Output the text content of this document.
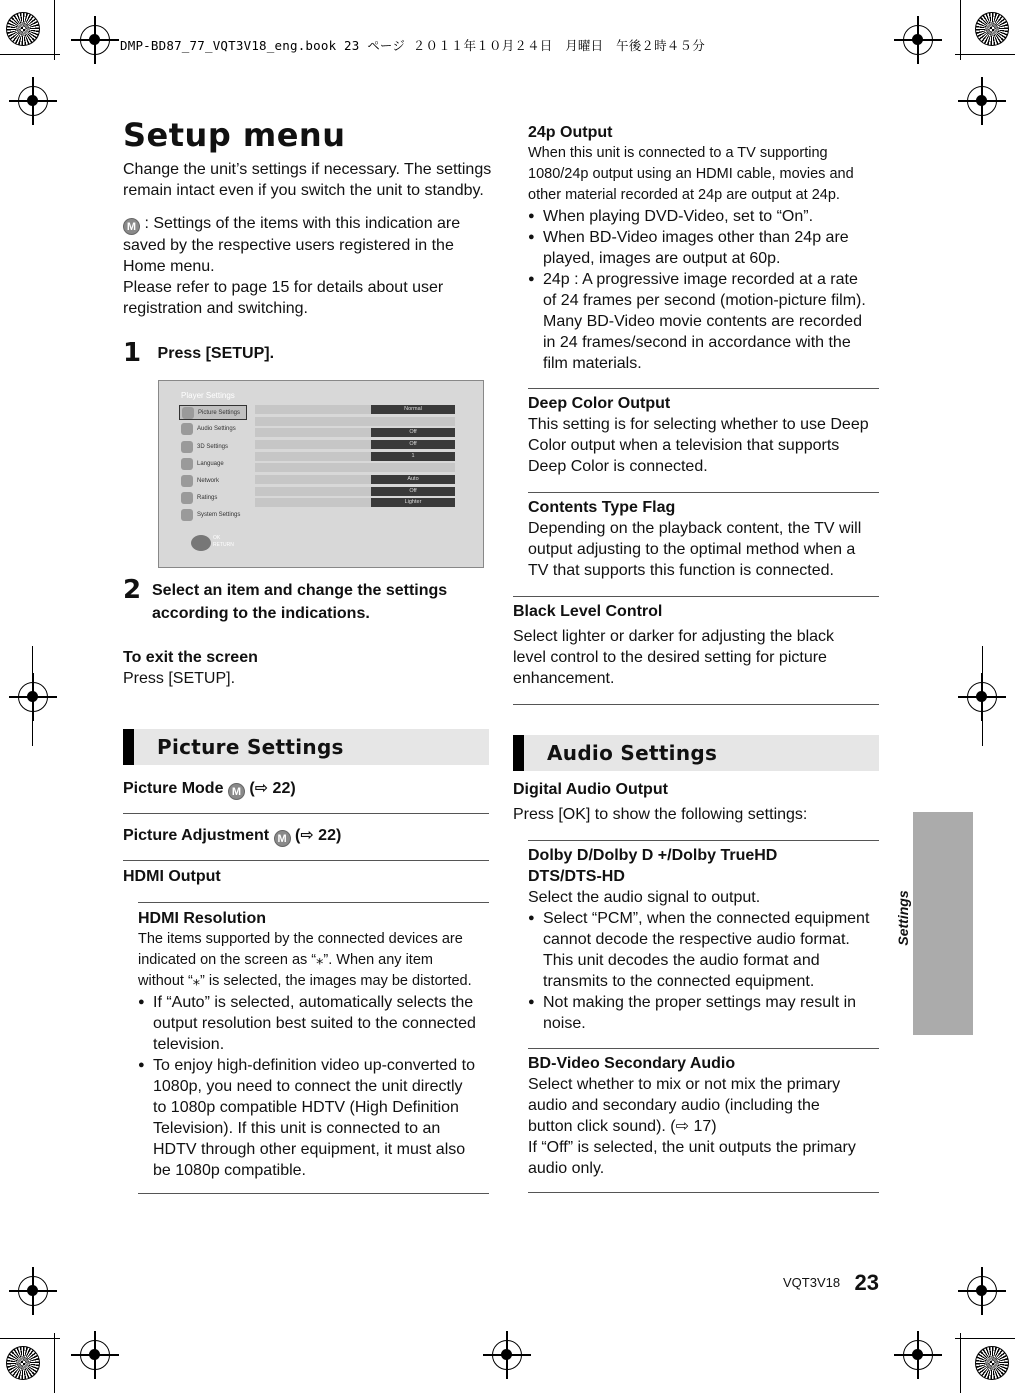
DMP-BD87_77_VQT3V18_eng.book 23 ページ ２０１１年１０月２４日　月曜日　午後２時４５分
Setup menu
Change the unit’s settings if necessary. The settings
remain intact even if you switch the unit to standby.
M : Settings of the items with this indication are
saved by the respective users registered in the
Home menu.
Please refer to page 15 for details about user
registration and switching.
1 Press [SETUP].
Player Settings
Picture Settings
Audio Settings
3D Settings
Language
Network
Ratings
System Settings
Normal
Off
Off
1
Auto
Off
Lighter
OK
RETURN
2 Select an item and change the settings
according to the indications.
To exit the screen
Press [SETUP].
Picture Settings
Picture Mode M (⇨ 22)
Picture Adjustment M (⇨ 22)
HDMI Output
HDMI Resolution
The items supported by the connected devices are
indicated on the screen as “⁎”. When any item
without “⁎” is selected, the images may be distorted.
● If “Auto” is selected, automatically selects the
output resolution best suited to the connected
television.
● To enjoy high-definition video up-converted to
1080p, you need to connect the unit directly
to 1080p compatible HDTV (High Definition
Television). If this unit is connected to an
HDTV through other equipment, it must also
be 1080p compatible.
24p Output
When this unit is connected to a TV supporting
1080/24p output using an HDMI cable, movies and
other material recorded at 24p are output at 24p.
● When playing DVD-Video, set to “On”.
● When BD-Video images other than 24p are
played, images are output at 60p.
● 24p : A progressive image recorded at a rate
of 24 frames per second (motion-picture film).
Many BD-Video movie contents are recorded
in 24 frames/second in accordance with the
film materials.
Deep Color Output
This setting is for selecting whether to use Deep
Color output when a television that supports
Deep Color is connected.
Contents Type Flag
Depending on the playback content, the TV will
output adjusting to the optimal method when a
TV that supports this function is connected.
Black Level Control
Select lighter or darker for adjusting the black
level control to the desired setting for picture
enhancement.
Audio Settings
Digital Audio Output
Press [OK] to show the following settings:
Dolby D/Dolby D +/Dolby TrueHD
DTS/DTS-HD
Select the audio signal to output.
● Select “PCM”, when the connected equipment
cannot decode the respective audio format.
This unit decodes the audio format and
transmits to the connected equipment.
● Not making the proper settings may result in
noise.
BD-Video Secondary Audio
Select whether to mix or not mix the primary
audio and secondary audio (including the
button click sound). (⇨ 17)
If “Off” is selected, the unit outputs the primary
audio only.
Settings
VQT3V18 23
